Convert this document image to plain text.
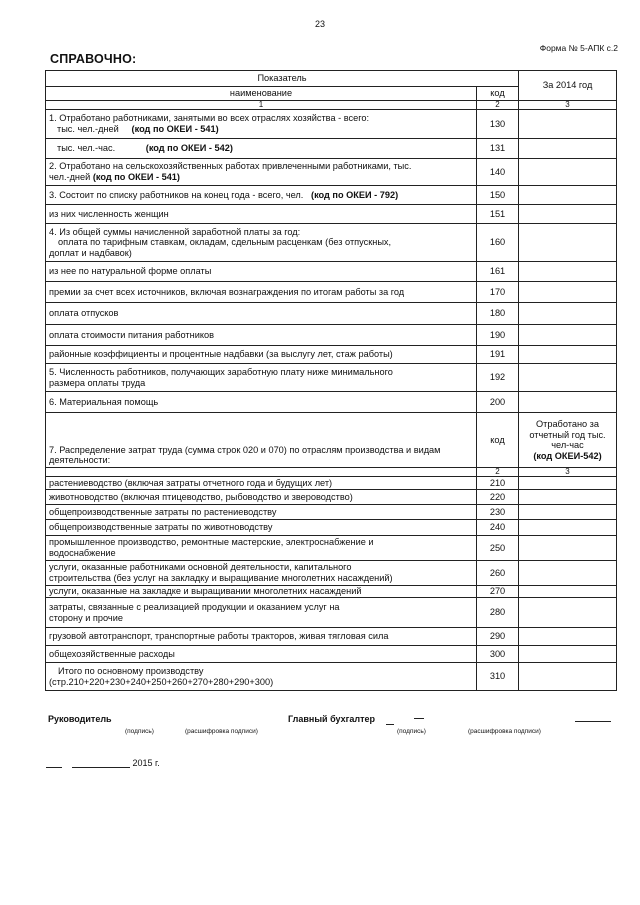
23
Форма № 5-АПК с.2
СПРАВОЧНО:
Показатель		За 2014 год
наименование	код	
1	2	3

1. Отработано работниками, занятыми во всех отраслях хозяйства - всего:
тыс. чел.-дней (код по ОКЕИ - 541)	130	
тыс. чел.-час. (код по ОКЕИ - 542)	131	

2. Отработано на сельскохозяйственных работах привлеченными работниками, тыс.
чел.-дней (код по ОКЕИ - 541)	140	
3. Состоит по списку работников на конец года - всего, чел. (код по ОКЕИ - 792)	150	
из них численность женщин	151	

4. Из общей суммы начисленной заработной платы за год:
оплата по тарифным ставкам, окладам, сдельным расценкам (без отпускных,
доплат и надбавок)	160	
из нее по натуральной форме оплаты	161	
премии за счет всех источников, включая вознаграждения по итогам работы за год	170	
оплата отпусков	180	
оплата стоимости питания работников	190	
районные коэффициенты и процентные надбавки (за выслугу лет, стаж работы)	191	

5. Численность работников, получающих заработную плату ниже минимального
размера оплаты труда	192	
6. Материальная помощь	200	
7. Распределение затрат труда (сумма строк 020 и 070) по отраслям производства и видам деятельности:	код	Отработано за отчетный год тыс. чел-час
(код ОКЕИ-542)

	2	3
растениеводство (включая затраты отчетного года и будущих лет)	210	
животноводство (включая птицеводство, рыбоводство и звероводство)	220	
общепроизводственные затраты по растениеводству	230	
общепроизводственные затраты по животноводству	240	

промышленное производство, ремонтные мастерские, электроснабжение и
водоснабжение	250	

услуги, оказанные работниками основной деятельности, капитального
строительства (без услуг на закладку и выращивание многолетних насаждений)	260	
услуги, оказанные на закладке и выращивании многолетних насаждений	270	

затраты, связанные с реализацией продукции и оказанием услуг на
сторону и прочие	280	
грузовой автотранспорт, транспортные работы тракторов, живая тягловая сила	290	
общехозяйственные расходы	300	

Итого по основному производству
(стр.210+220+230+240+250+260+270+280+290+300)	310	
Руководитель
(подпись)	(расшифровка подписи)
Главный бухгалтер
(подпись)	(расшифровка подписи)
2015 г.
